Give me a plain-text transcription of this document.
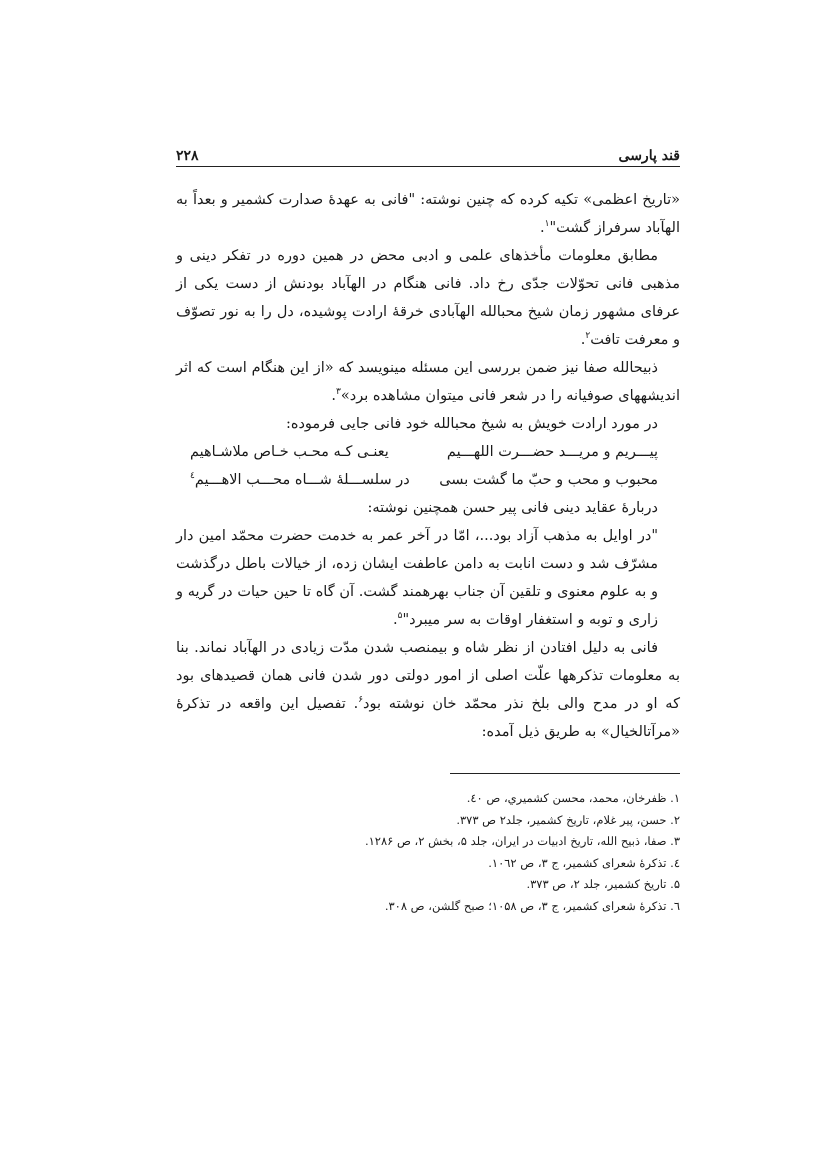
قند پارسی
۲۲۸

«تاریخ اعظمی» تکیه کرده که چنین نوشته: "فانی به عهدۀ صدارت کشمیر و بعداً به الهآباد سرفراز گشت"$^۱$.

مطابق معلومات مأخذهای علمی و ادبی محض در همین دوره در تفکر دینی و مذهبی فانی تحوّلات جدّی رخ داد. فانی هنگام در الهآباد بودنش از دست یکی از عرفای مشهور زمان شیخ محبالله الهآبادی خرقۀ ارادت پوشیده، دل را به نور تصوّف و معرفت تافت$^۲$.

ذبیحالله صفا نیز ضمن بررسی این مسئله مینویسد که «از این هنگام است که اثر اندیشههای صوفیانه را در شعر فانی میتوان مشاهده برد»$^۳$.

در مورد ارادت خویش به شیخ محبالله خود فانی جایی فرموده:

پیـــریم و مریـــد حضـــرت اللهـــیم
یعنـی کـه محـب خـاص ملاشـاهیم
محبوب و محب و حبّ ما گشت بسی
در سلســـلۀ شـــاه محـــب الاهـــیم$^٤$

دربارۀ عقاید دینی فانی پیر حسن همچنین نوشته:

"در اوایل به مذهب آزاد بود...، امّا در آخر عمر به خدمت حضرت محمّد امین دار مشرّف شد و دست انابت به دامن عاطفت ایشان زده، از خیالات باطل درگذشت و به علوم معنوی و تلقین آن جناب بهرهمند گشت. آن گاه تا حین حیات در گریه و زاری و توبه و استغفار اوقات به سر میبرد"$^۵$.

فانی به دلیل افتادن از نظر شاه و بیمنصب شدن مدّت زیادی در الهآباد نماند. بنا به معلومات تذکرهها علّت اصلی از امور دولتی دور شدن فانی همان قصیدهای بود که او در مدح والی بلخ نذر محمّد خان نوشته بود$^۶$. تفصیل این واقعه در تذکرۀ «مرآتالخیال» به طریق ذیل آمده:

۱. ظفرخان، محمد، محسن کشمیري، ص ٤٠.
۲. حسن، پیر غلام، تاریخ کشمیر، جلد۲ ص ۳۷۳.
۳. صفا، ذبیح الله، تاریخ ادبیات در ایران، جلد ۵، بخش ۲، ص ۱۲۸۶.
٤. تذکرۀ شعرای کشمیر، ج ۳، ص ۱۰٦۲.
۵. تاریخ کشمیر، جلد ۲، ص ۳۷۳.
٦. تذکرۀ شعرای کشمیر، ج ۳، ص ۱۰۵۸؛ صبح گلشن، ص ۳۰۸.
